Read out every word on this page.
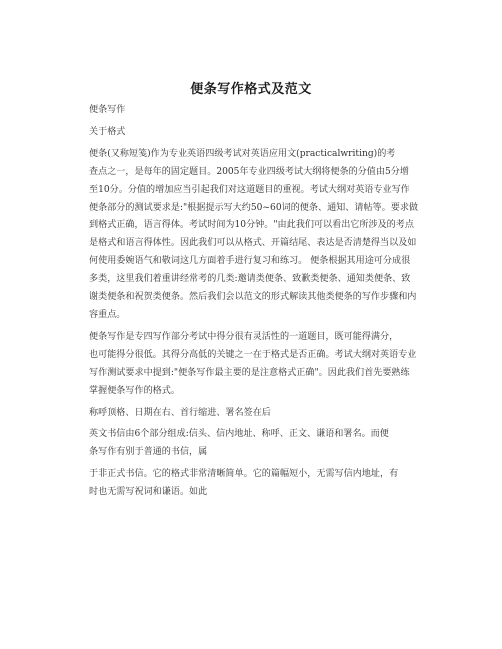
便条写作格式及范文

便条写作

关于格式

便条(又称短笺)作为专业英语四级考试对英语应用文(practicalwriting)的考

查点之一，是每年的固定题目。2005年专业四级考试大纲将便条的分值由5分增

至10分。分值的增加应当引起我们对这道题目的重视。考试大纲对英语专业写作

便条部分的测试要求是:"根据提示写大约50~60词的便条、通知、请帖等。要求做

到格式正确，语言得体。考试时间为10分钟。"由此我们可以看出它所涉及的考点

是格式和语言得体性。因此我们可以从格式、开篇结尾、表达是否清楚得当以及如

何使用委婉语气和敬词这几方面着手进行复习和练习。 便条根据其用途可分成很

多类，这里我们着重讲经常考的几类:邀请类便条、致歉类便条、通知类便条、致

谢类便条和祝贺类便条。然后我们会以范文的形式解读其他类便条的写作步骤和内

容重点。

便条写作是专四写作部分考试中得分很有灵活性的一道题目，既可能得满分，

也可能得分很低。其得分高低的关键之一在于格式是否正确。考试大纲对英语专业

写作测试要求中提到:"便条写作最主要的是注意格式正确"。因此我们首先要熟练

掌握便条写作的格式。

称呼顶格、日期在右、首行缩进、署名签在后

英文书信由6个部分组成:信头、信内地址、称呼、正文、谦语和署名。而便

条写作有别于普通的书信，属

于非正式书信。它的格式非常清晰简单。它的篇幅短小，无需写信内地址，有

时也无需写祝词和谦语。如此
